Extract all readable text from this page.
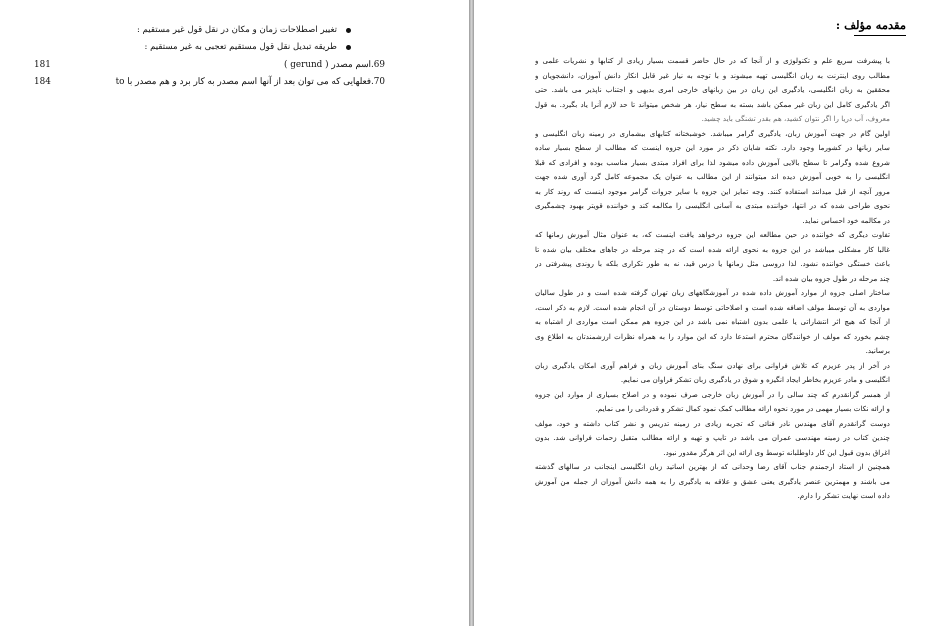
تغییر اصطلاحات زمان و مکان در نقل قول غیر مستقیم :
طریقه تبدیل نقل قول مستقیم تعجبی به غیر مستقیم :
181	69.اسم مصدر ( gerund )
184	70.فعلهایی که می توان بعد از آنها اسم مصدر به کار برد و هم مصدر با to
مقدمه مؤلف :

با پیشرفت سریع علم و تکنولوژی و از آنجا که در حال حاضر قسمت بسیار زیادی از کتابها و نشریات علمی و
مطالب روی اینترنت به زبان انگلیسی تهیه میشوند و با توجه به نیاز غیر قابل انکار دانش آموزان، دانشجویان و
محققین به زبان انگلیسی، یادگیری این زبان در بین زبانهای خارجی امری بدیهی و اجتناب ناپذیر می باشد. حتی
اگر یادگیری کامل این زبان غیر ممکن باشد بسته به سطح نیاز، هر شخص میتواند تا حد لازم آنرا یاد بگیرد. به قول
معروف، آب دریا را اگر نتوان کشید، هم بقدر تشنگی باید چشید.

اولین گام در جهت آموزش زبان، یادگیری گرامر میباشد. خوشبختانه کتابهای بیشماری در زمینه زبان انگلیسی و
سایر زبانها در کشورما وجود دارد. نکته شایان ذکر در مورد این جزوه اینست که مطالب از سطح بسیار ساده
شروع شده وگرامر تا سطح بالایی آموزش داده میشود لذا برای افراد مبتدی بسیار مناسب بوده و افرادی که قبلا
انگلیسی را به خوبی آموزش دیده اند میتوانند از این مطالب به عنوان یک مجموعه کامل گرد آوری شده جهت
مرور آنچه از قبل میدانند استفاده کنند. وجه تمایز این جزوه با سایر جزوات گرامر موجود اینست که روند کار به
نحوی طراحی شده که در انتها، خواننده مبتدی به آسانی انگلیسی را مکالمه کند و خواننده قویتر بهبود چشمگیری
در مکالمه خود احساس نماید.

تفاوت دیگری که خواننده در حین مطالعه این جزوه درخواهد یافت اینست که، به عنوان مثال آموزش زمانها که
غالبا کار مشکلی میباشد در این جزوه به نحوی ارائه شده است که در چند مرحله در جاهای مختلف بیان شده تا
باعث خستگی خواننده نشود. لذا دروسی مثل زمانها یا درس قید، نه به طور تکراری بلکه با روندی پیشرفتی در
چند مرحله در طول جزوه بیان شده اند.

ساختار اصلی جزوه از موارد آموزش داده شده در آموزشگاههای زبان تهران گرفته شده است و در طول سالیان
مواردی به آن توسط مولف اضافه شده است و اصلاحاتی توسط دوستان در آن انجام شده است. لازم به ذکر است،
از آنجا که هیچ اثر انتشاراتی یا علمی بدون اشتباه نمی باشد در این جزوه هم ممکن است مواردی از اشتباه به
چشم بخورد که مولف از خوانندگان محترم استدعا دارد که این موارد را به همراه نظرات ارزشمندتان به اطلاع وی
برسانید.

در آخر از پدر عزیزم که تلاش فراوانی برای نهادن سنگ بنای آموزش زبان و فراهم آوری امکان یادگیری زبان
انگلیسی و مادر عزیزم بخاطر ایجاد انگیزه و شوق در یادگیری زبان تشکر فراوان می نمایم.

از همسر گرانقدرم که چند سالی را در آموزش زبان خارجی صرف نموده و در اصلاح بسیاری از موارد این جزوه
و ارائه نکات بسیار مهمی در مورد نحوه ارائه مطالب کمک نمود کمال تشکر و قدردانی را می نمایم.

دوست گرانقدرم آقای مهندس نادر فنائی که تجربه زیادی در زمینه تدریس و نشر کتاب داشته و خود، مولف
چندین کتاب در زمینه مهندسی عمران می باشد در تایپ و تهیه و ارائه مطالب متقبل زحمات فراوانی شد. بدون
اغراق بدون قبول این کار داوطلبانه توسط وی ارائه این اثر هرگز مقدور نبود.

همچنین از استاد ارجمندم جناب آقای رضا وحدانی که از بهترین اساتید زبان انگلیسی اینجانب در سالهای گذشته
می باشند و مهمترین عنصر یادگیری یعنی عشق و علاقه به یادگیری را به همه دانش آموزان از جمله من آموزش
داده است نهایت تشکر را دارم.
